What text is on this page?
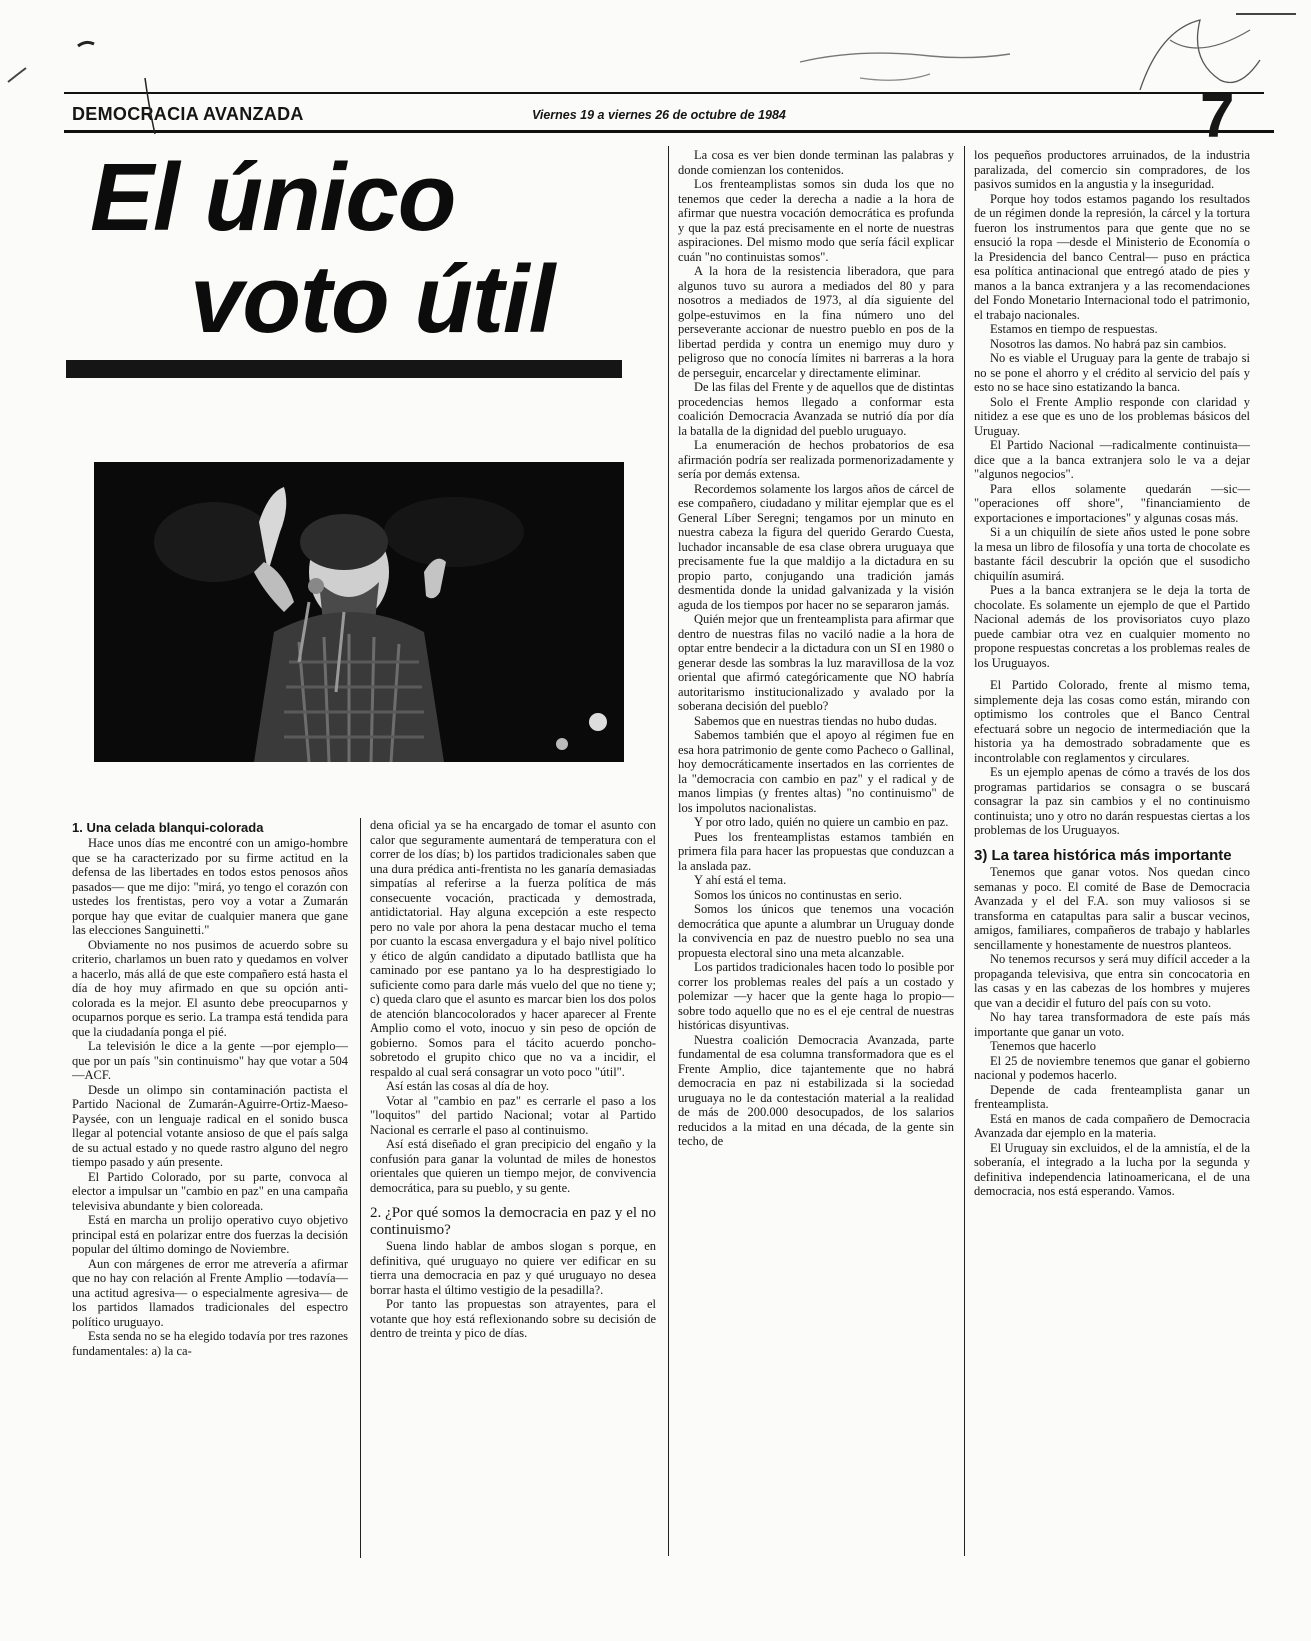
DEMOCRACIA AVANZADA	Viernes 19 a viernes 26 de octubre de 1984	7
El único
voto útil
1. Una celada blanqui-colorada

Hace unos días me encontré con un amigo-hombre que se ha caracterizado por su firme actitud en la defensa de las libertades en todos estos penosos años pasados— que me dijo: "mirá, yo tengo el corazón con ustedes los frentistas, pero voy a votar a Zumarán porque hay que evitar de cualquier manera que gane las elecciones Sanguinetti."

Obviamente no nos pusimos de acuerdo sobre su criterio, charlamos un buen rato y quedamos en volver a hacerlo, más allá de que este compañero está hasta el día de hoy muy afirmado en que su opción anti-colorada es la mejor. El asunto debe preocuparnos y ocuparnos porque es serio. La trampa está tendida para que la ciudadanía ponga el pié.

La televisión le dice a la gente —por ejemplo— que por un país "sin continuismo" hay que votar a 504—ACF.

Desde un olimpo sin contaminación pactista el Partido Nacional de Zumarán-Aguirre-Ortiz-Maeso-Paysée, con un lenguaje radical en el sonido busca llegar al potencial votante ansioso de que el país salga de su actual estado y no quede rastro alguno del negro tiempo pasado y aún presente.

El Partido Colorado, por su parte, convoca al elector a impulsar un "cambio en paz" en una campaña televisiva abundante y bien coloreada.

Está en marcha un prolijo operativo cuyo objetivo principal está en polarizar entre dos fuerzas la decisión popular del último domingo de Noviembre.

Aun con márgenes de error me atrevería a afirmar que no hay con relación al Frente Amplio —todavía— una actitud agresiva— o especialmente agresiva— de los partidos llamados tradicionales del espectro político uruguayo.

Esta senda no se ha elegido todavía por tres razones fundamentales: a) la ca-

dena oficial ya se ha encargado de tomar el asunto con calor que seguramente aumentará de temperatura con el correr de los días; b) los partidos tradicionales saben que una dura prédica anti-frentista no les ganaría demasiadas simpatías al referirse a la fuerza política de más consecuente vocación, practicada y demostrada, antidictatorial. Hay alguna excepción a este respecto pero no vale por ahora la pena destacar mucho el tema por cuanto la escasa envergadura y el bajo nivel político y ético de algún candidato a diputado batllista que ha caminado por ese pantano ya lo ha desprestigiado lo suficiente como para darle más vuelo del que no tiene y; c) queda claro que el asunto es marcar bien los dos polos de atención blancocolorados y hacer aparecer al Frente Amplio como el voto, inocuo y sin peso de opción de gobierno. Somos para el tácito acuerdo poncho-sobretodo el grupito chico que no va a incidir, el respaldo al cual será consagrar un voto poco "útil".

Así están las cosas al día de hoy.

Votar al "cambio en paz" es cerrarle el paso a los "loquitos" del partido Nacional; votar al Partido Nacional es cerrarle el paso al continuismo.

Así está diseñado el gran precipicio del engaño y la confusión para ganar la voluntad de miles de honestos orientales que quieren un tiempo mejor, de convivencia democrática, para su pueblo, y su gente.

2. ¿Por qué somos la democracia en paz y el no continuismo?

Suena lindo hablar de ambos slogan s porque, en definitiva, qué uruguayo no quiere ver edificar en su tierra una democracia en paz y qué uruguayo no desea borrar hasta el último vestigio de la pesadilla?.

Por tanto las propuestas son atrayentes, para el votante que hoy está reflexionando sobre su decisión de dentro de treinta y pico de días.

La cosa es ver bien donde terminan las palabras y donde comienzan los contenidos.

Los frenteamplistas somos sin duda los que no tenemos que ceder la derecha a nadie a la hora de afirmar que nuestra vocación democrática es profunda y que la paz está precisamente en el norte de nuestras aspiraciones. Del mismo modo que sería fácil explicar cuán "no continuistas somos".

A la hora de la resistencia liberadora, que para algunos tuvo su aurora a mediados del 80 y para nosotros a mediados de 1973, al día siguiente del golpe-estuvimos en la fina número uno del perseverante accionar de nuestro pueblo en pos de la libertad perdida y contra un enemigo muy duro y peligroso que no conocía límites ni barreras a la hora de perseguir, encarcelar y directamente eliminar.

De las filas del Frente y de aquellos que de distintas procedencias hemos llegado a conformar esta coalición Democracia Avanzada se nutrió día por día la batalla de la dignidad del pueblo uruguayo.

La enumeración de hechos probatorios de esa afirmación podría ser realizada pormenorizadamente y sería por demás extensa.

Recordemos solamente los largos años de cárcel de ese compañero, ciudadano y militar ejemplar que es el General Líber Seregni; tengamos por un minuto en nuestra cabeza la figura del querido Gerardo Cuesta, luchador incansable de esa clase obrera uruguaya que precisamente fue la que maldijo a la dictadura en su propio parto, conjugando una tradición jamás desmentida donde la unidad galvanizada y la visión aguda de los tiempos por hacer no se separaron jamás.

Quién mejor que un frenteamplista para afirmar que dentro de nuestras filas no vaciló nadie a la hora de optar entre bendecir a la dictadura con un SI en 1980 o generar desde las sombras la luz maravillosa de la voz oriental que afirmó categóricamente que NO habría autoritarismo institucionalizado y avalado por la soberana decisión del pueblo?

Sabemos que en nuestras tiendas no hubo dudas.

Sabemos también que el apoyo al régimen fue en esa hora patrimonio de gente como Pacheco o Gallinal, hoy democráticamente insertados en las corrientes de la "democracia con cambio en paz" y el radical y de manos limpias (y frentes altas) "no continuismo" de los impolutos nacionalistas.

Y por otro lado, quién no quiere un cambio en paz.

Pues los frenteamplistas estamos también en primera fila para hacer las propuestas que conduzcan a la anslada paz.

Y ahí está el tema.

Somos los únicos no continustas en serio.

Somos los únicos que tenemos una vocación democrática que apunte a alumbrar un Uruguay donde la convivencia en paz de nuestro pueblo no sea una propuesta electoral sino una meta alcanzable.

Los partidos tradicionales hacen todo lo posible por correr los problemas reales del país a un costado y polemizar —y hacer que la gente haga lo propio— sobre todo aquello que no es el eje central de nuestras históricas disyuntivas.

Nuestra coalición Democracia Avanzada, parte fundamental de esa columna transformadora que es el Frente Amplio, dice tajantemente que no habrá democracia en paz ni estabilizada si la sociedad uruguaya no le da contestación material a la realidad de más de 200.000 desocupados, de los salarios reducidos a la mitad en una década, de la gente sin techo, de

los pequeños productores arruinados, de la industria paralizada, del comercio sin compradores, de los pasivos sumidos en la angustia y la inseguridad.

Porque hoy todos estamos pagando los resultados de un régimen donde la represión, la cárcel y la tortura fueron los instrumentos para que gente que no se ensució la ropa —desde el Ministerio de Economía o la Presidencia del banco Central— puso en práctica esa política antinacional que entregó atado de pies y manos a la banca extranjera y a las recomendaciones del Fondo Monetario Internacional todo el patrimonio, el trabajo nacionales.

Estamos en tiempo de respuestas.

Nosotros las damos. No habrá paz sin cambios.

No es viable el Uruguay para la gente de trabajo si no se pone el ahorro y el crédito al servicio del país y esto no se hace sino estatizando la banca.

Solo el Frente Amplio responde con claridad y nitidez a ese que es uno de los problemas básicos del Uruguay.

El Partido Nacional —radicalmente continuista— dice que a la banca extranjera solo le va a dejar "algunos negocios".

Para ellos solamente quedarán —sic— "operaciones off shore", "financiamiento de exportaciones e importaciones" y algunas cosas más.

Si a un chiquilín de siete años usted le pone sobre la mesa un libro de filosofía y una torta de chocolate es bastante fácil descubrir la opción que el susodicho chiquilín asumirá.

Pues a la banca extranjera se le deja la torta de chocolate. Es solamente un ejemplo de que el Partido Nacional además de los provisoriatos cuyo plazo puede cambiar otra vez en cualquier momento no propone respuestas concretas a los problemas reales de los Uruguayos.

El Partido Colorado, frente al mismo tema, simplemente deja las cosas como están, mirando con optimismo los controles que el Banco Central efectuará sobre un negocio de intermediación que la historia ya ha demostrado sobradamente que es incontrolable con reglamentos y circulares.

Es un ejemplo apenas de cómo a través de los dos programas partidarios se consagra o se buscará consagrar la paz sin cambios y el no continuismo continuista; uno y otro no darán respuestas ciertas a los problemas de los Uruguayos.

3) La tarea histórica más importante

Tenemos que ganar votos. Nos quedan cinco semanas y poco. El comité de Base de Democracia Avanzada y el del F.A. son muy valiosos si se transforma en catapultas para salir a buscar vecinos, amigos, familiares, compañeros de trabajo y hablarles sencillamente y honestamente de nuestros planteos.

No tenemos recursos y será muy difícil acceder a la propaganda televisiva, que entra sin concocatoria en las casas y en las cabezas de los hombres y mujeres que van a decidir el futuro del país con su voto.

No hay tarea transformadora de este país más importante que ganar un voto.

Tenemos que hacerlo

El 25 de noviembre tenemos que ganar el gobierno nacional y podemos hacerlo.

Depende de cada frenteamplista ganar un frenteamplista.

Está en manos de cada compañero de Democracia Avanzada dar ejemplo en la materia.

El Uruguay sin excluidos, el de la amnistía, el de la soberanía, el integrado a la lucha por la segunda y definitiva independencia latinoamericana, el de una democracia, nos está esperando. Vamos.
